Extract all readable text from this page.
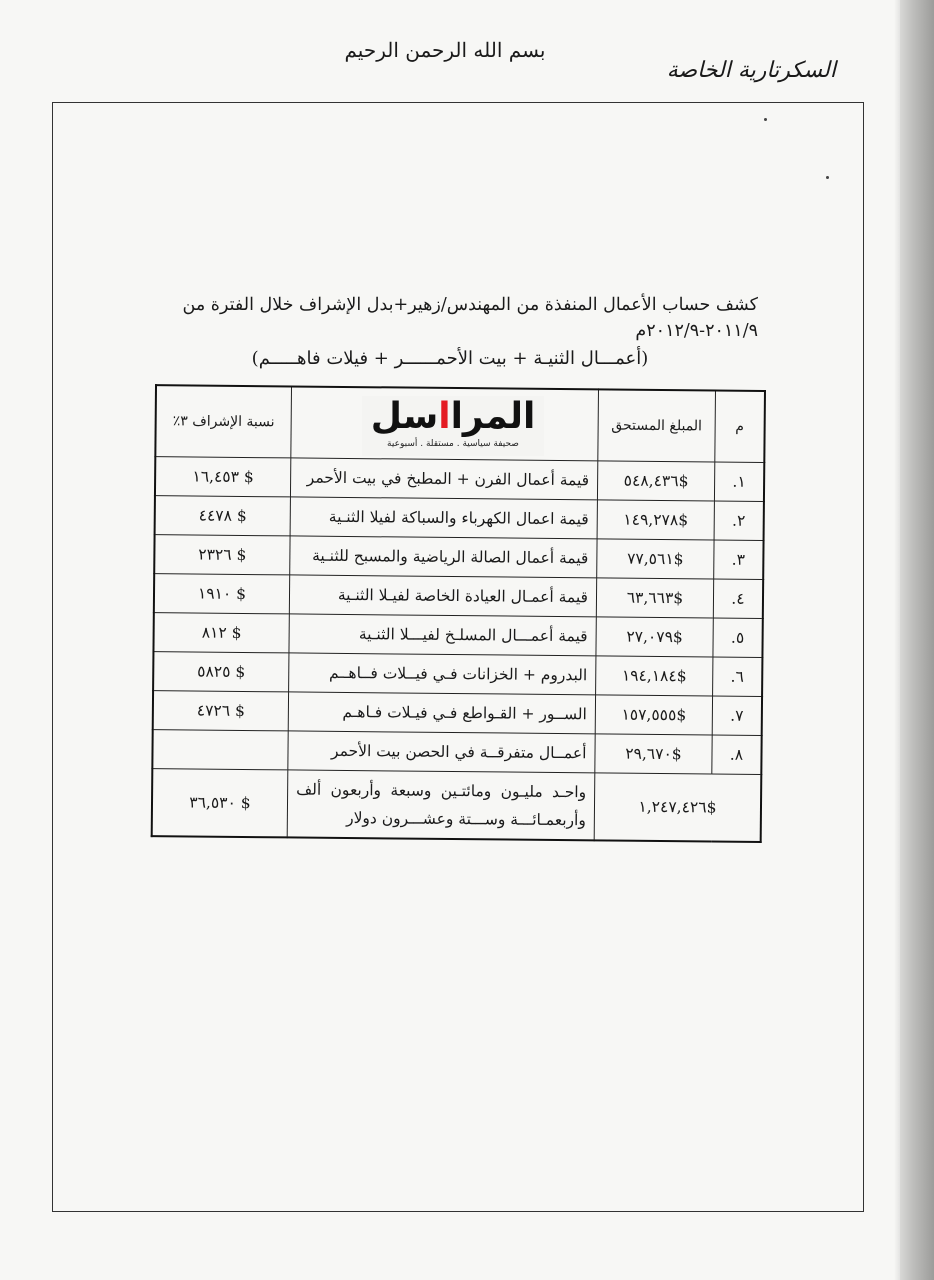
بسم الله الرحمن الرحيم
السكرتارية الخاصة
كشف حساب الأعمال المنفذة من المهندس/زهير+بدل الإشراف خلال الفترة من ٢٠١١/٩-٢٠١٢/٩م
(أعمـــال الثنيـة + بيت الأحمــــــر + فيلات فاهـــــم)
م	المبلغ المستحق		نسبة الإشراف ٣٪
١.	$٥٤٨,٤٣٦	قيمة أعمال الفرن + المطبخ في بيت الأحمر	$ ١٦,٤٥٣
٢.	$١٤٩,٢٧٨	قيمة اعمال الكهرباء والسباكة لفيلا الثنـية	$ ٤٤٧٨
٣.	$٧٧,٥٦١	قيمة أعمال الصالة الرياضية والمسبح للثنـية	$ ٢٣٢٦
٤.	$٦٣,٦٦٣	قيمة أعمـال العيادة الخاصة لفيـلا الثنـية	$ ١٩١٠
٥.	$٢٧,٠٧٩	قيمة أعمـــال المسلـخ لفيـــلا الثنـية	$ ٨١٢
٦.	$١٩٤,١٨٤	البدروم + الخزانات فـي فيــلات فــاهــم	$ ٥٨٢٥
٧.	$١٥٧,٥٥٥	الســور + القـواطع فـي فيـلات فـاهـم	$ ٤٧٢٦
٨.	$٢٩,٦٧٠	أعمــال متفرقــة في الحصن بيت الأحمر	
$١,٢٤٧,٤٢٦		واحـد مليـون ومائتـين وسبعة وأربعون ألف وأربعمـائـــة وســـتة وعشـــرون دولار	$ ٣٦,٥٣٠
المرااسل
صحيفة سياسية . مستقلة . أسبوعية
